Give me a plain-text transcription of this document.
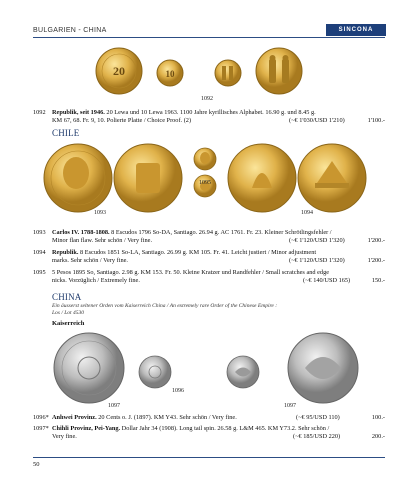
BULGARIEN - CHINA	SINCONA
20	10
1092
1092 Republik, seit 1946. 20 Lewa und 10 Lewa 1963. 1100 Jahre kyrillisches Alphabet. 16.90 g. und 8.45 g.
KM 67, 68. Fr. 9, 10. Polierte Platte / Choice Proof. (2)	(~€ 1'030/USD 1'210)	1'100.-
CHILE
1093
1095
1094
1093 Carlos IV. 1788-1808. 8 Escudos 1796 So-DA, Santiago. 26.94 g. AC 1761. Fr. 23. Kleiner Schrötlingsfehler /
Minor flan flaw. Sehr schön / Very fine.	(~€ 1'120/USD 1'320)	1'200.-
1094 Republik. 8 Escudos 1851 So-LA, Santiago. 26.99 g. KM 105. Fr. 41. Leicht justiert / Minor adjustment
marks. Sehr schön / Very fine.	(~€ 1'120/USD 1'320)	1'200.-
1095 5 Pesos 1895 So, Santiago. 2.98 g. KM 153. Fr. 50. Kleine Kratzer und Randfehler / Small scratches and edge
nicks. Vorzüglich / Extremely fine.	(~€ 140/USD 165)	150.-
CHINA
Ein äusserst seltener Orden vom Kaiserreich China / An extremely rare Order of the Chinese Empire :
Los / Lot 4530
Kaiserreich
1097
1096
1097
1096* Anhwei Provinz. 20 Cents o. J. (1897). KM Y43. Sehr schön / Very fine.	(~€ 95/USD 110)	100.-
1097* Chihli Provinz, Pei-Yang. Dollar Jahr 34 (1908). Long tail spin. 26.58 g. L&M 465. KM Y73.2. Sehr schön /
Very fine.	(~€ 185/USD 220)	200.-
50
